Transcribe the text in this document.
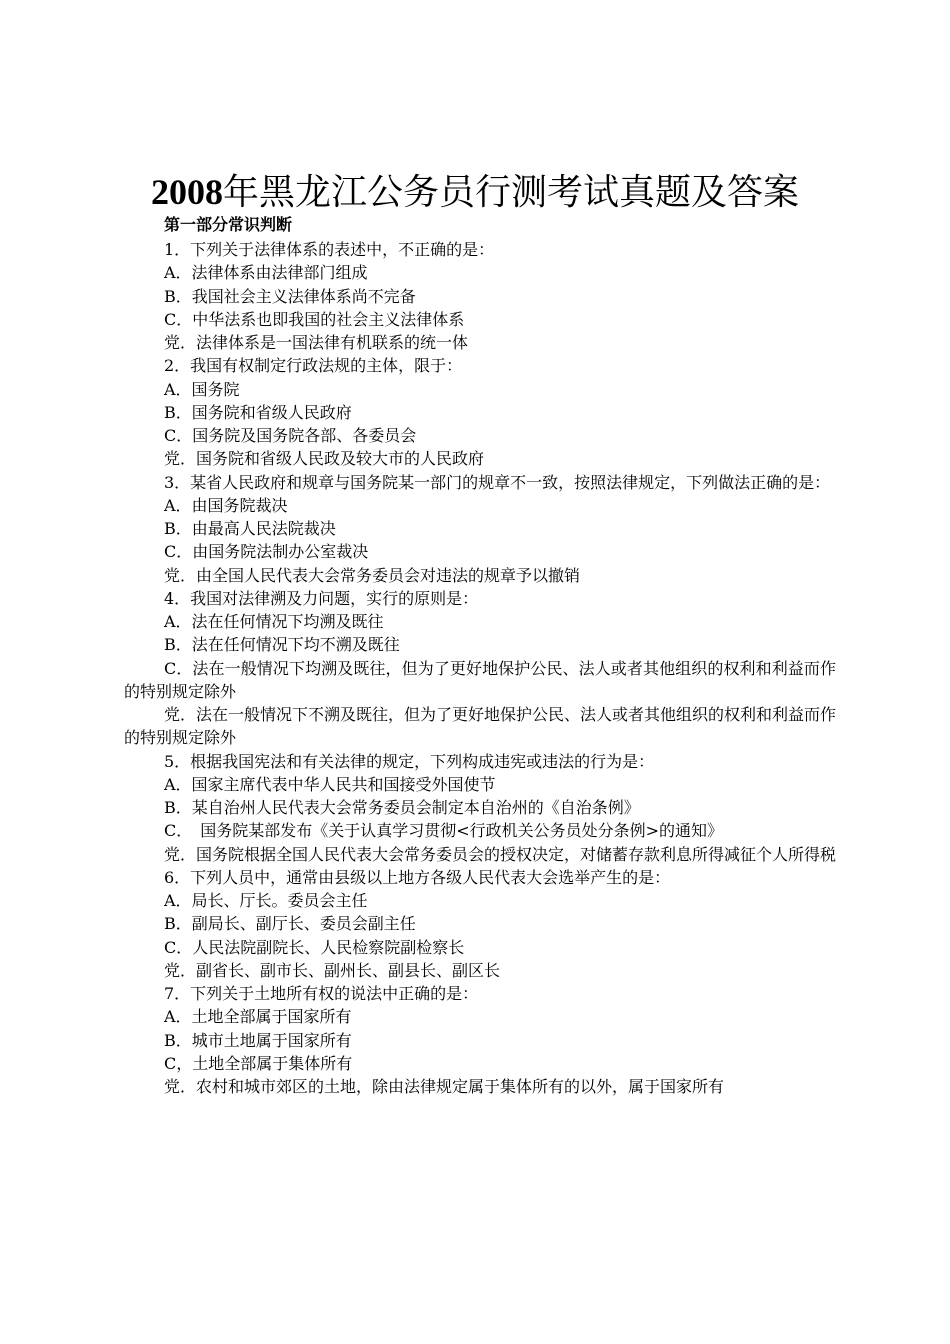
2008年黑龙江公务员行测考试真题及答案
第一部分常识判断
1．下列关于法律体系的表述中，不正确的是：
A．法律体系由法律部门组成
B．我国社会主义法律体系尚不完备
C．中华法系也即我国的社会主义法律体系
党．法律体系是一国法律有机联系的统一体
2．我国有权制定行政法规的主体，限于：
A．国务院
B．国务院和省级人民政府
C．国务院及国务院各部、各委员会
党．国务院和省级人民政及较大市的人民政府
3．某省人民政府和规章与国务院某一部门的规章不一致，按照法律规定，下列做法正确的是：
A．由国务院裁决
B．由最高人民法院裁决
C．由国务院法制办公室裁决
党．由全国人民代表大会常务委员会对违法的规章予以撤销
4．我国对法律溯及力问题，实行的原则是：
A．法在任何情况下均溯及既往
B．法在任何情况下均不溯及既往
C．法在一般情况下均溯及既往，但为了更好地保护公民、法人或者其他组织的权利和利益而作的特别规定除外
党．法在一般情况下不溯及既往，但为了更好地保护公民、法人或者其他组织的权利和利益而作的特别规定除外
5．根据我国宪法和有关法律的规定，下列构成违宪或违法的行为是：
A．国家主席代表中华人民共和国接受外国使节
B．某自治州人民代表大会常务委员会制定本自治州的《自治条例》
C．　国务院某部发布《关于认真学习贯彻<行政机关公务员处分条例>的通知》
党．国务院根据全国人民代表大会常务委员会的授权决定，对储蓄存款利息所得减征个人所得税
6．下列人员中，通常由县级以上地方各级人民代表大会选举产生的是：
A．局长、厅长。委员会主任
B．副局长、副厅长、委员会副主任
C．人民法院副院长、人民检察院副检察长
党．副省长、副市长、副州长、副县长、副区长
7．下列关于土地所有权的说法中正确的是：
A．土地全部属于国家所有
B．城市土地属于国家所有
C，土地全部属于集体所有
党．农村和城市郊区的土地，除由法律规定属于集体所有的以外，属于国家所有
